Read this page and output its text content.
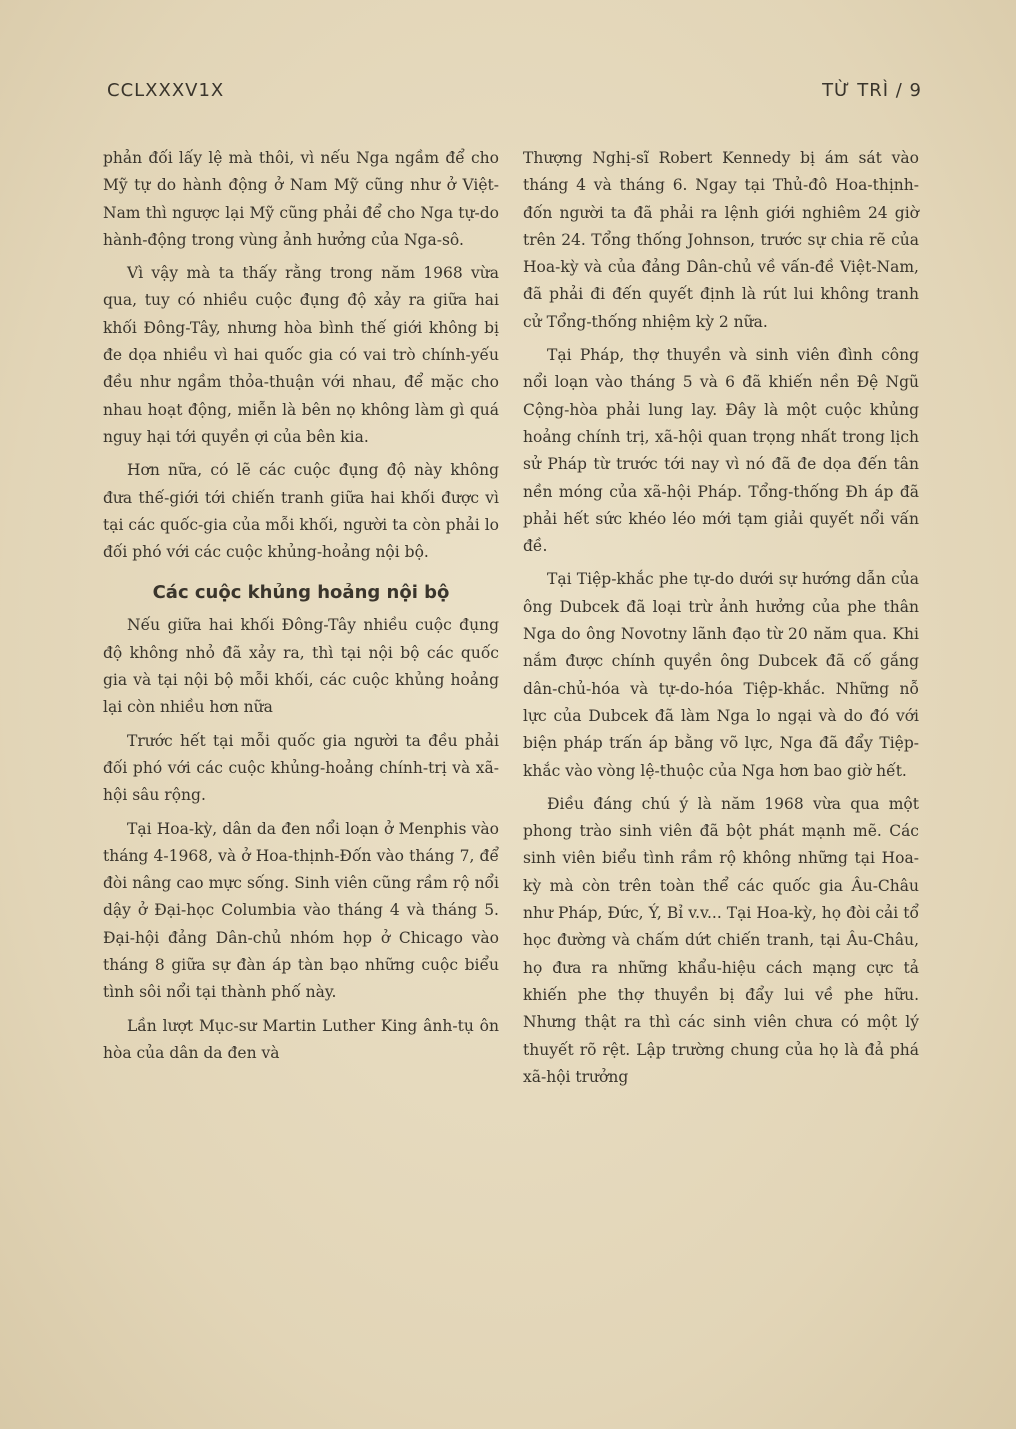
CCLXXXV1X	TỪ TRÌ / 9

phản đối lấy lệ mà thôi, vì nếu Nga ngầm để cho Mỹ tự do hành động ở Nam Mỹ cũng như ở Việt-Nam thì ngược lại Mỹ cũng phải để cho Nga tự-do hành-động trong vùng ảnh hưởng của Nga-sô.

Vì vậy mà ta thấy rằng trong năm 1968 vừa qua, tuy có nhiều cuộc đụng độ xảy ra giữa hai khối Đông-Tây, nhưng hòa bình thế giới không bị đe dọa nhiều vì hai quốc gia có vai trò chính-yếu đều như ngầm thỏa-thuận với nhau, để mặc cho nhau hoạt động, miễn là bên nọ không làm gì quá nguy hại tới quyền ợi của bên kia.

Hơn nữa, có lẽ các cuộc đụng độ này không đưa thế-giới tới chiến tranh giữa hai khối được vì tại các quốc-gia của mỗi khối, người ta còn phải lo đối phó với các cuộc khủng-hoảng nội bộ.

Các cuộc khủng hoảng nội bộ

Nếu giữa hai khối Đông-Tây nhiều cuộc đụng độ không nhỏ đã xảy ra, thì tại nội bộ các quốc gia và tại nội bộ mỗi khối, các cuộc khủng hoảng lại còn nhiều hơn nữa

Trước hết tại mỗi quốc gia người ta đều phải đối phó với các cuộc khủng-hoảng chính-trị và xã-hội sâu rộng.

Tại Hoa-kỳ, dân da đen nổi loạn ở Menphis vào tháng 4-1968, và ở Hoa-thịnh-Đốn vào tháng 7, để đòi nâng cao mực sống. Sinh viên cũng rầm rộ nổi dậy ở Đại-học Columbia vào tháng 4 và tháng 5. Đại-hội đảng Dân-chủ nhóm họp ở Chicago vào tháng 8 giữa sự đàn áp tàn bạo những cuộc biểu tình sôi nổi tại thành phố này.

Lần lượt Mục-sư Martin Luther King ânh-tụ ôn hòa của dân da đen và

Thượng Nghị-sĩ Robert Kennedy bị ám sát vào tháng 4 và tháng 6. Ngay tại Thủ-đô Hoa-thịnh-đốn người ta đã phải ra lệnh giới nghiêm 24 giờ trên 24. Tổng thống Johnson, trước sự chia rẽ của Hoa-kỳ và của đảng Dân-chủ về vấn-đề Việt-Nam, đã phải đi đến quyết định là rút lui không tranh cử Tổng-thống nhiệm kỳ 2 nữa.

Tại Pháp, thợ thuyền và sinh viên đình công nổi loạn vào tháng 5 và 6 đã khiến nền Đệ Ngũ Cộng-hòa phải lung lay. Đây là một cuộc khủng hoảng chính trị, xã-hội quan trọng nhất trong lịch sử Pháp từ trước tới nay vì nó đã đe dọa đến tân nền móng của xã-hội Pháp. Tổng-thống Đh áp đã phải hết sức khéo léo mới tạm giải quyết nổi vấn đề.

Tại Tiệp-khắc phe tự-do dưới sự hướng dẫn của ông Dubcek đã loại trừ ảnh hưởng của phe thân Nga do ông Novotny lãnh đạo từ 20 năm qua. Khi nắm được chính quyền ông Dubcek đã cố gắng dân-chủ-hóa và tự-do-hóa Tiệp-khắc. Những nỗ lực của Dubcek đã làm Nga lo ngại và do đó với biện pháp trấn áp bằng võ lực, Nga đã đẩy Tiệp-khắc vào vòng lệ-thuộc của Nga hơn bao giờ hết.

Điều đáng chú ý là năm 1968 vừa qua một phong trào sinh viên đã bột phát mạnh mẽ. Các sinh viên biểu tình rầm rộ không những tại Hoa-kỳ mà còn trên toàn thể các quốc gia Âu-Châu như Pháp, Đức, Ý, Bỉ v.v... Tại Hoa-kỳ, họ đòi cải tổ học đường và chấm dứt chiến tranh, tại Âu-Châu, họ đưa ra những khẩu-hiệu cách mạng cực tả khiến phe thợ thuyền bị đẩy lui về phe hữu. Nhưng thật ra thì các sinh viên chưa có một lý thuyết rõ rệt. Lập trường chung của họ là đả phá xã-hội trưởng
